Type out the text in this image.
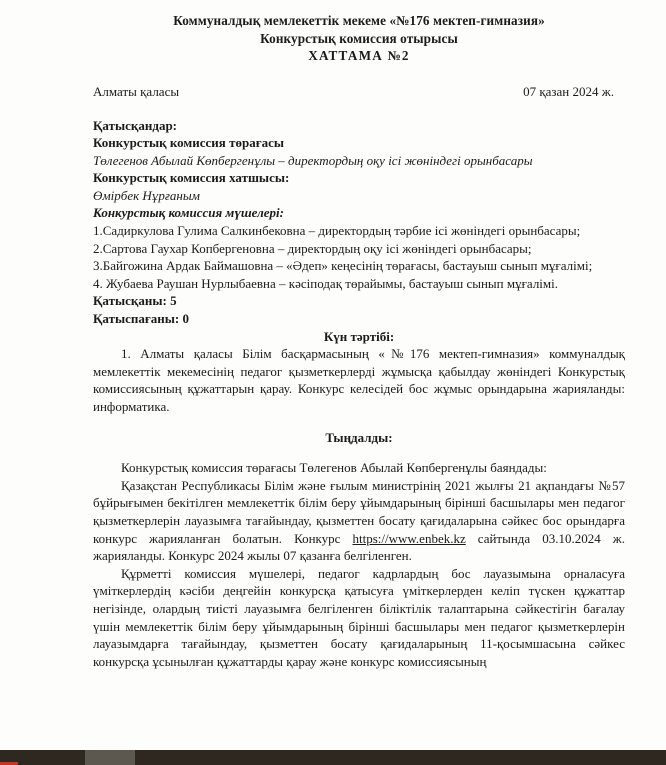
Коммуналдық мемлекеттік мекеме «№176 мектеп-гимназия»
Конкурстық комиссия отырысы
ХАТТАМА №2
Алматы қаласы	07 қазан 2024 ж.

Қатысқандар:

Конкурстық комиссия төрағасы

Төлегенов Абылай Көпбергенұлы – директордың оқу ісі жөніндегі орынбасары

Конкурстық комиссия хатшысы:

Өмірбек Нұрғаным

Конкурстық комиссия мүшелері:

1.Садиркулова Гулима Салкинбековна – директордың тәрбие ісі жөніндегі орынбасары;

2.Сартова Гаухар Копбергеновна – директордың оқу ісі жөніндегі орынбасары;

3.Байгожина Ардак Баймашовна – «Әдеп» кеңесінің төрағасы, бастауыш сынып мұғалімі;

4. Жубаева Раушан Нурлыбаевна – кәсіподақ төрайымы, бастауыш сынып мұғалімі.

Қатысқаны: 5

Қатыспағаны: 0

Күн тәртібі:

1. Алматы қаласы Білім басқармасының «№176 мектеп-гимназия» коммуналдық мемлекеттік мекемесінің педагог қызметкерлерді жұмысқа қабылдау жөніндегі Конкурстық комиссиясының құжаттарын қарау. Конкурс келесідей бос жұмыс орындарына жарияланды: информатика.

Тыңдалды:

Конкурстық комиссия төрағасы Төлегенов Абылай Көпбергенұлы баяндады:

Қазақстан Республикасы Білім және ғылым министрінің 2021 жылғы 21 ақпандағы №57 бұйрығымен бекітілген мемлекеттік білім беру ұйымдарының бірінші басшылары мен педагог қызметкерлерін лауазымға тағайындау, қызметтен босату қағидаларына сәйкес бос орындарға конкурс жарияланған болатын. Конкурс https://www.enbek.kz сайтында 03.10.2024 ж. жарияланды. Конкурс 2024 жылы 07 қазанға белгіленген.

Құрметті комиссия мүшелері, педагог кадрлардың бос лауазымына орналасуға үміткерлердің кәсіби деңгейін конкурсқа қатысуға үміткерлерден келіп түскен құжаттар негізінде, олардың тиісті лауазымға белгіленген біліктілік талаптарына сәйкестігін бағалау үшін мемлекеттік білім беру ұйымдарының бірінші басшылары мен педагог қызметкерлерін лауазымдарға тағайындау, қызметтен босату қағидаларының 11-қосымшасына сәйкес конкурсқа ұсынылған құжаттарды қарау және конкурс комиссиясының
